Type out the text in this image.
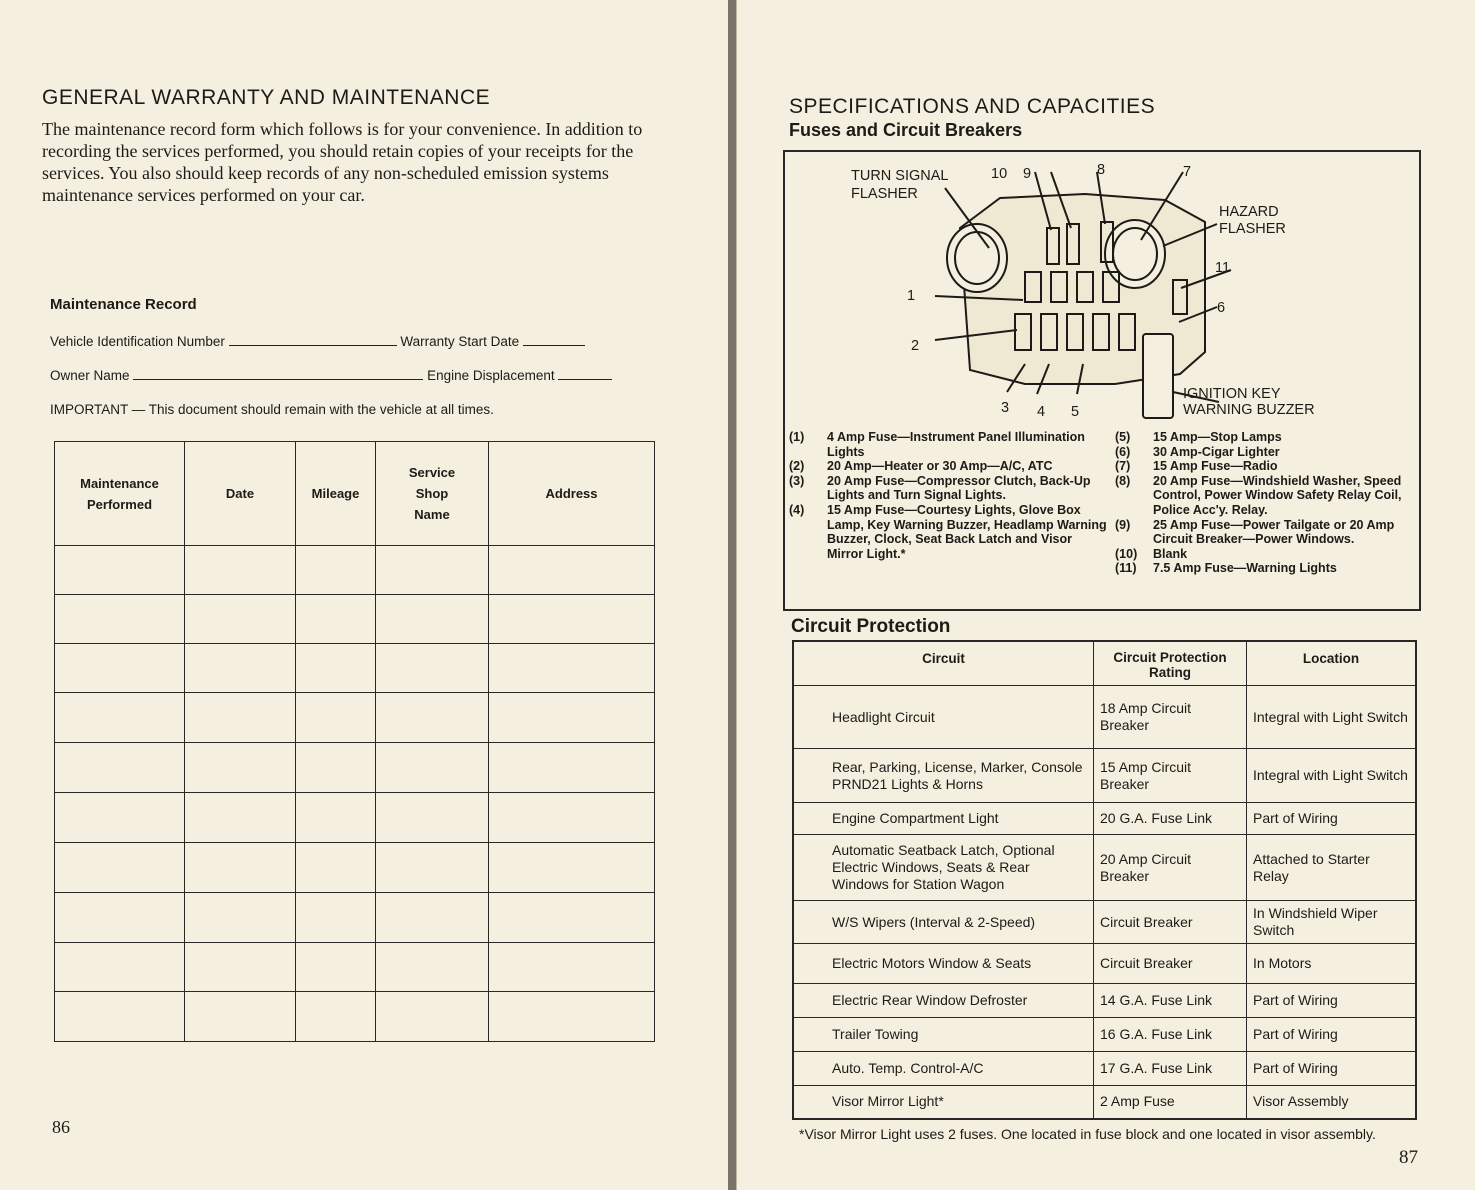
GENERAL WARRANTY AND MAINTENANCE
The maintenance record form which follows is for your convenience. In addition to recording the services performed, you should retain copies of your receipts for the services. You also should keep records of any non-scheduled emission systems maintenance services performed on your car.
Maintenance Record
Vehicle Identification Number	Warranty Start Date
Owner Name	Engine Displacement
IMPORTANT — This document should remain with the vehicle at all times.
Maintenance Performed	Date	Mileage	Service Shop Name	Address

86
SPECIFICATIONS AND CAPACITIES
Fuses and Circuit Breakers
TURN SIGNAL
FLASHER
10 9	8	7
HAZARD
FLASHER
11
6
1
2
3 4 5
IGNITION KEY
WARNING BUZZER
(1)	4 Amp Fuse—Instrument Panel Illumination Lights
(2)	20 Amp—Heater or 30 Amp—A/C, ATC
(3)	20 Amp Fuse—Compressor Clutch, Back-Up Lights and Turn Signal Lights.
(4)	15 Amp Fuse—Courtesy Lights, Glove Box Lamp, Key Warning Buzzer, Headlamp Warning Buzzer, Clock, Seat Back Latch and Visor Mirror Light.*
(5)	15 Amp—Stop Lamps
(6)	30 Amp-Cigar Lighter
(7)	15 Amp Fuse—Radio
(8)	20 Amp Fuse—Windshield Washer, Speed Control, Power Window Safety Relay Coil, Police Acc'y. Relay.
(9)	25 Amp Fuse—Power Tailgate or 20 Amp Circuit Breaker—Power Windows.
(10)	Blank
(11)	7.5 Amp Fuse—Warning Lights
Circuit Protection
Circuit	Circuit Protection Rating	Location
Headlight Circuit	18 Amp Circuit Breaker	Integral with Light Switch
Rear, Parking, License, Marker, Console PRND21 Lights & Horns	15 Amp Circuit Breaker	Integral with Light Switch
Engine Compartment Light	20 G.A. Fuse Link	Part of Wiring
Automatic Seatback Latch, Optional Electric Windows, Seats & Rear Windows for Station Wagon	20 Amp Circuit Breaker	Attached to Starter Relay
W/S Wipers (Interval & 2-Speed)	Circuit Breaker	In Windshield Wiper Switch
Electric Motors Window & Seats	Circuit Breaker	In Motors
Electric Rear Window Defroster	14 G.A. Fuse Link	Part of Wiring
Trailer Towing	16 G.A. Fuse Link	Part of Wiring
Auto. Temp. Control-A/C	17 G.A. Fuse Link	Part of Wiring
Visor Mirror Light*	2 Amp Fuse	Visor Assembly
*Visor Mirror Light uses 2 fuses. One located in fuse block and one located in visor assembly.
87
